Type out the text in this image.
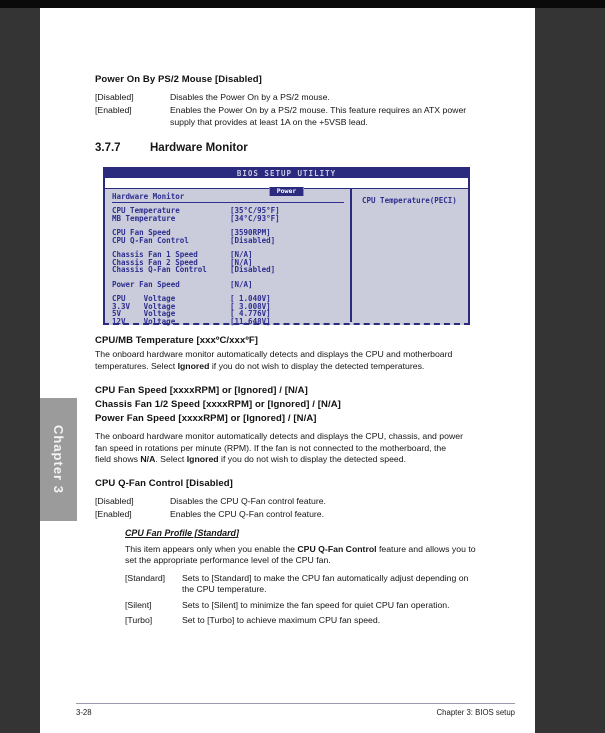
Power On By PS/2 Mouse [Disabled]
[Disabled]	Disables the Power On by a PS/2 mouse.
[Enabled]	Enables the Power On by a PS/2 mouse. This feature requires an ATX power supply that provides at least 1A on the +5VSB lead.
3.7.7	Hardware Monitor
BIOS SETUP UTILITY
Power
Hardware Monitor
CPU Temperature	[35°C/95°F]
MB Temperature	[34°C/93°F]
CPU Fan Speed	[3590RPM]
CPU Q-Fan Control	[Disabled]
Chassis Fan 1 Speed	[N/A]
Chassis Fan 2 Speed	[N/A]
Chassis Q-Fan Control	[Disabled]
Power Fan Speed	[N/A]
CPU    Voltage	[ 1.040V]
3.3V   Voltage	[ 3.008V]
5V     Voltage	[ 4.776V]
12V    Voltage	[11.648V]
CPU Temperature(PECI)
CPU/MB Temperature [xxxºC/xxxºF]
The onboard hardware monitor automatically detects and displays the CPU and motherboard temperatures. Select Ignored if you do not wish to display the detected temperatures.
CPU Fan Speed [xxxxRPM] or [Ignored] / [N/A]
Chassis Fan 1/2 Speed [xxxxRPM] or [Ignored] / [N/A]
Power Fan Speed [xxxxRPM] or [Ignored] / [N/A]
The onboard hardware monitor automatically detects and displays the CPU, chassis, and power fan speed in rotations per minute (RPM). If the fan is not connected to the motherboard, the field shows N/A. Select Ignored if you do not wish to display the detected speed.
CPU Q-Fan Control [Disabled]
[Disabled]	Disables the CPU Q-Fan control feature.
[Enabled]	Enables the CPU Q-Fan control feature.
CPU Fan Profile [Standard]
This item appears only when you enable the CPU Q-Fan Control feature and allows you to set the appropriate performance level of the CPU fan.
[Standard]	Sets to [Standard] to make the CPU fan automatically adjust depending on the CPU temperature.
[Silent]	Sets to [Silent] to minimize the fan speed for quiet CPU fan operation.
[Turbo]	Set to [Turbo] to achieve maximum CPU fan speed.
Chapter 3
3-28	Chapter 3: BIOS setup
